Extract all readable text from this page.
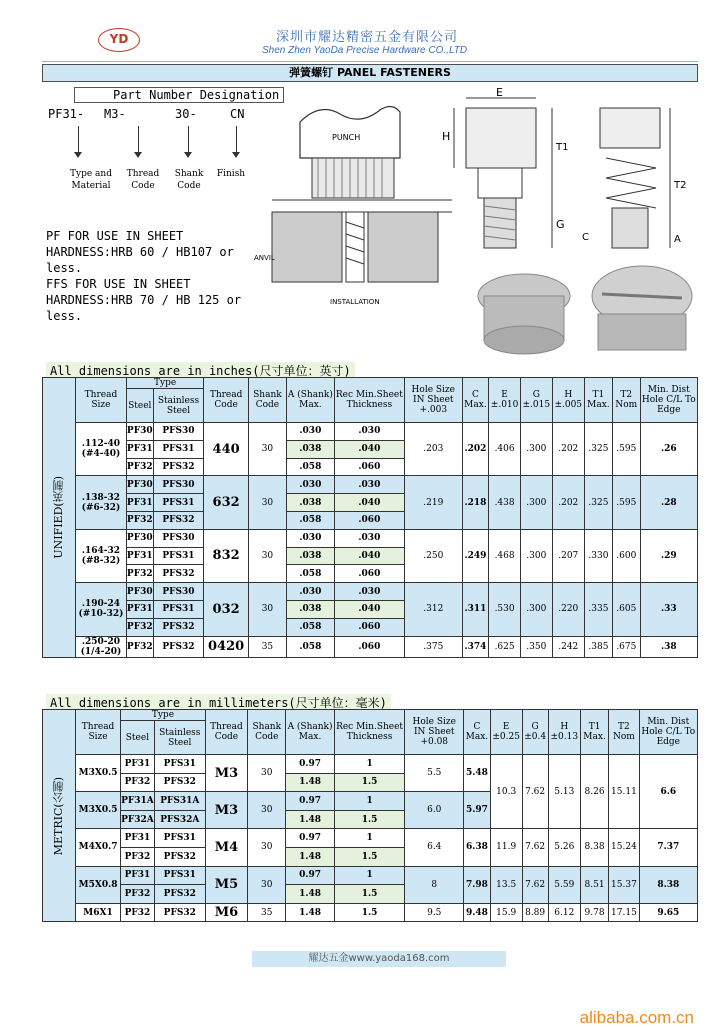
YD	深圳市耀达精密五金有限公司
Shen Zhen YaoDa Precise Hardware CO.,LTD
弹簧螺钉 PANEL FASTENERS
Part Number Designation
PF31- M3-	30-	CN
Type and Material
Thread Code
Shank Code
Finish
PF FOR USE IN SHEET
HARDNESS:HRB 60 / HB107 or
less.
FFS FOR USE IN SHEET
HARDNESS:HRB 70 / HB 125 or
less.
PUNCH
ANVIL
INSTALLATION
E
H
T1
G
C
T2
A
All dimensions are in inches(尺寸单位：英寸)
UNIFIED(英制)	Thread Size	Type		Thread Code	Shank Code	A (Shank) Max.	Rec Min.Sheet Thickness	Hole Size IN Sheet +.003	C Max.	E ±.010	G ±.015	H ±.005	T1 Max.	T2 Nom	Min. Dist Hole C/L To Edge
		Steel	Stainless Steel												
	.112-40 (#4-40)	PF30	PFS30	440	30	.030	.030	.203	.202	.406	.300	.202	.325	.595	.26
		PF31	PFS31			.038	.040								
		PF32	PFS32			.058	.060								
	.138-32 (#6-32)	PF30	PFS30	632	30	.030	.030	.219	.218	.438	.300	.202	.325	.595	.28
		PF31	PFS31			.038	.040								
		PF32	PFS32			.058	.060								
	.164-32 (#8-32)	PF30	PFS30	832	30	.030	.030	.250	.249	.468	.300	.207	.330	.600	.29
		PF31	PFS31			.038	.040								
		PF32	PFS32			.058	.060								
	.190-24 (#10-32)	PF30	PFS30	032	30	.030	.030	.312	.311	.530	.300	.220	.335	.605	.33
		PF31	PFS31			.038	.040								
		PF32	PFS32			.058	.060								
	.250-20 (1/4-20)	PF32	PFS32	0420	35	.058	.060	.375	.374	.625	.350	.242	.385	.675	.38
All dimensions are in millimeters(尺寸单位：毫米)
METRIC(公制)	Thread Size	Type		Thread Code	Shank Code	A (Shank) Max.	Rec Min.Sheet Thickness	Hole Size IN Sheet +0.08	C Max.	E ±0.25	G ±0.4	H ±0.13	T1 Max.	T2 Nom	Min. Dist Hole C/L To Edge
		Steel	Stainless Steel												
	M3X0.5	PF31	PFS31	M3	30	0.97	1	5.5	5.48	10.3	7.62	5.13	8.26	15.11	6.6
		PF32	PFS32			1.48	1.5								
	M3X0.5	PF31A	PFS31A	M3	30	0.97	1	6.0	5.97						
		PF32A	PFS32A			1.48	1.5								
	M4X0.7	PF31	PFS31	M4	30	0.97	1	6.4	6.38	11.9	7.62	5.26	8.38	15.24	7.37
		PF32	PFS32			1.48	1.5								
	M5X0.8	PF31	PFS31	M5	30	0.97	1	8	7.98	13.5	7.62	5.59	8.51	15.37	8.38
		PF32	PFS32			1.48	1.5								
	M6X1	PF32	PFS32	M6	35	1.48	1.5	9.5	9.48	15.9	8.89	6.12	9.78	17.15	9.65
耀达五金www.yaoda168.com
alibaba.com.cn
